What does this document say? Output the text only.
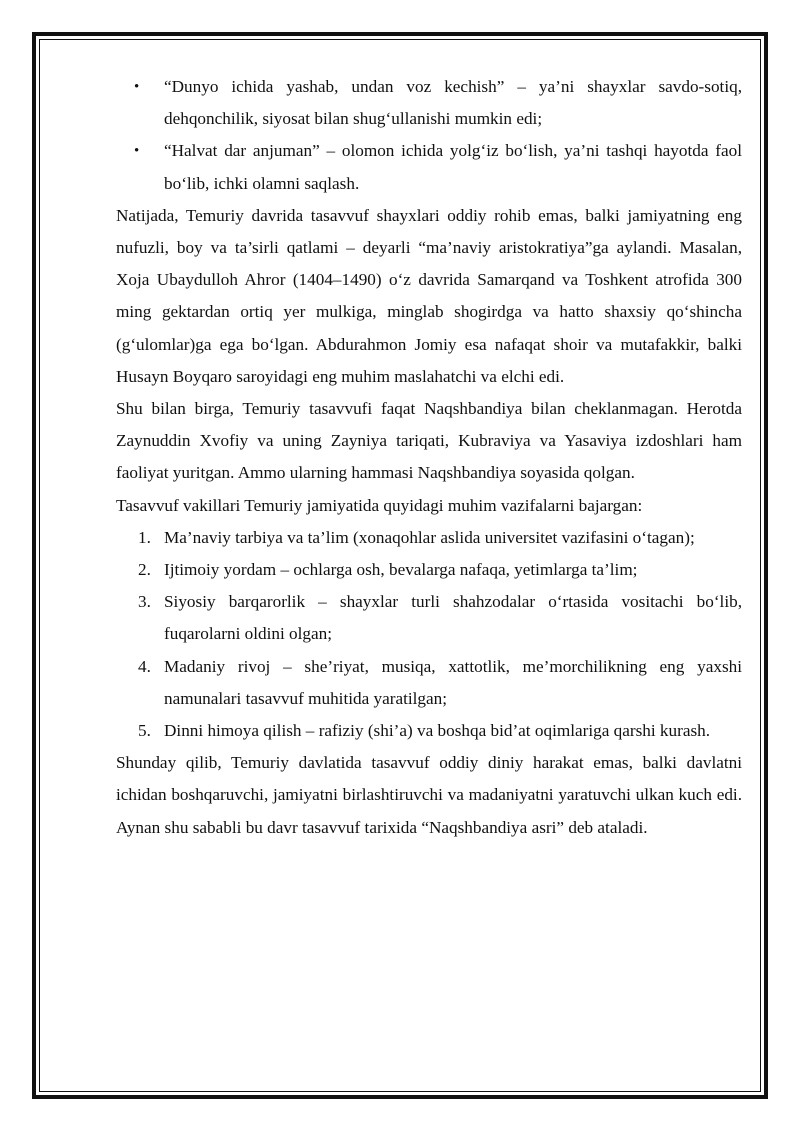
• “Dunyo ichida yashab, undan voz kechish” – ya’ni shayxlar savdo-sotiq, dehqonchilik, siyosat bilan shug‘ullanishi mumkin edi;
• “Halvat dar anjuman” – olomon ichida yolg‘iz bo‘lish, ya’ni tashqi hayotda faol bo‘lib, ichki olamni saqlash.

Natijada, Temuriy davrida tasavvuf shayxlari oddiy rohib emas, balki jamiyatning eng nufuzli, boy va ta’sirli qatlami – deyarli “ma’naviy aristokratiya”ga aylandi. Masalan, Xoja Ubaydulloh Ahror (1404–1490) o‘z davrida Samarqand va Toshkent atrofida 300 ming gektardan ortiq yer mulkiga, minglab shogirdga va hatto shaxsiy qo‘shincha (g‘ulomlar)ga ega bo‘lgan. Abdurahmon Jomiy esa nafaqat shoir va mutafakkir, balki Husayn Boyqaro saroyidagi eng muhim maslahatchi va elchi edi.

Shu bilan birga, Temuriy tasavvufi faqat Naqshbandiya bilan cheklanmagan. Herotda Zaynuddin Xvofiy va uning Zayniya tariqati, Kubraviya va Yasaviya izdoshlari ham faoliyat yuritgan. Ammo ularning hammasi Naqshbandiya soyasida qolgan.

Tasavvuf vakillari Temuriy jamiyatida quyidagi muhim vazifalarni bajargan:

1. Ma’naviy tarbiya va ta’lim (xonaqohlar aslida universitet vazifasini o‘tagan);
2. Ijtimoiy yordam – ochlarga osh, bevalarga nafaqa, yetimlarga ta’lim;
3. Siyosiy barqarorlik – shayxlar turli shahzodalar o‘rtasida vositachi bo‘lib, fuqarolarni oldini olgan;
4. Madaniy rivoj – she’riyat, musiqa, xattotlik, me’morchilikning eng yaxshi namunalari tasavvuf muhitida yaratilgan;
5. Dinni himoya qilish – rafiziy (shi’a) va boshqa bid’at oqimlariga qarshi kurash.

Shunday qilib, Temuriy davlatida tasavvuf oddiy diniy harakat emas, balki davlatni ichidan boshqaruvchi, jamiyatni birlashtiruvchi va madaniyatni yaratuvchi ulkan kuch edi. Aynan shu sababli bu davr tasavvuf tarixida “Naqshbandiya asri” deb ataladi.
